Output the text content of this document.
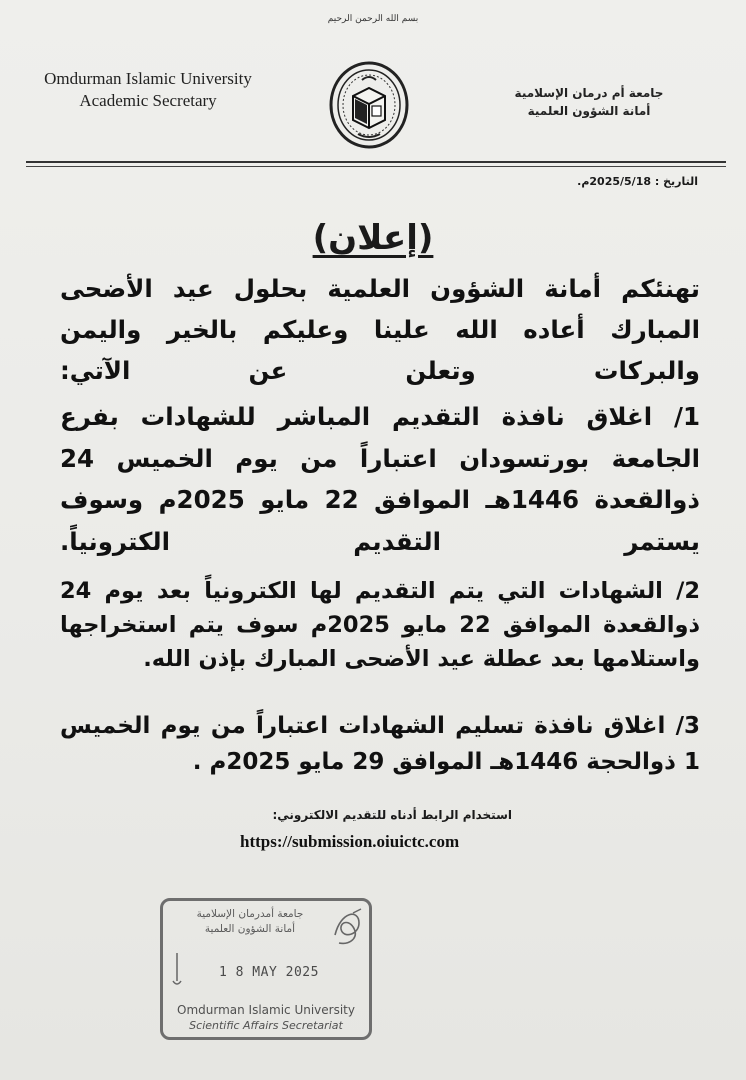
بسم الله الرحمن الرحيم
Omdurman Islamic University
Academic Secretary	جامعة أم درمان الإسلامية
أمانة الشؤون العلمية
التاريخ : 2025/5/18م.
(إعلان)
تهنئكم أمانة الشؤون العلمية بحلول عيد الأضحى المبارك أعاده الله علينا وعليكم بالخير واليمن والبركات وتعلن عن الآتي:
1/ اغلاق نافذة التقديم المباشر للشهادات بفرع الجامعة بورتسودان اعتباراً من يوم الخميس 24 ذوالقعدة 1446هـ الموافق 22 مايو 2025م وسوف يستمر التقديم الكترونياً.
2/ الشهادات التي يتم التقديم لها الكترونياً بعد يوم 24 ذوالقعدة الموافق 22 مايو 2025م سوف يتم استخراجها
واستلامها بعد عطلة عيد الأضحى المبارك بإذن الله.
3/ اغلاق نافذة تسليم الشهادات اعتباراً من يوم الخميس 1 ذوالحجة 1446هـ الموافق 29 مايو 2025م .
استخدام الرابط أدناه للتقديم الالكتروني:
https://submission.oiuictc.com
جامعة أمدرمان الإسلامية
أمانة الشؤون العلمية
1 8 MAY 2025
Omdurman Islamic University
Scientific Affairs Secretariat
